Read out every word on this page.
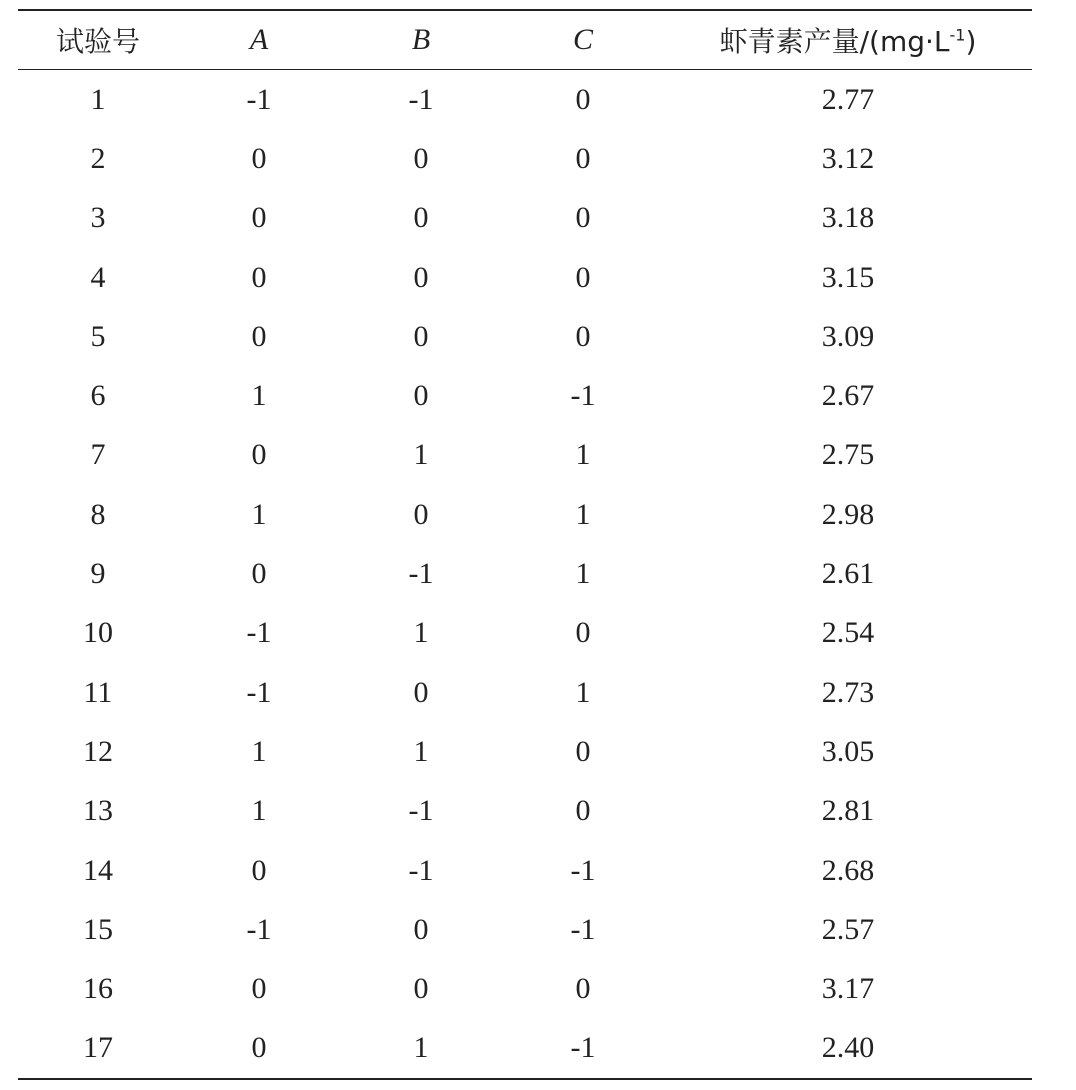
试验号	A	B	C	虾青素产量$/(mg\cdot L^{-1})$
1	-1	-1	0	2.77
2	0	0	0	3.12
3	0	0	0	3.18
4	0	0	0	3.15
5	0	0	0	3.09
6	1	0	-1	2.67
7	0	1	1	2.75
8	1	0	1	2.98
9	0	-1	1	2.61
10	-1	1	0	2.54
11	-1	0	1	2.73
12	1	1	0	3.05
13	1	-1	0	2.81
14	0	-1	-1	2.68
15	-1	0	-1	2.57
16	0	0	0	3.17
17	0	1	-1	2.40
